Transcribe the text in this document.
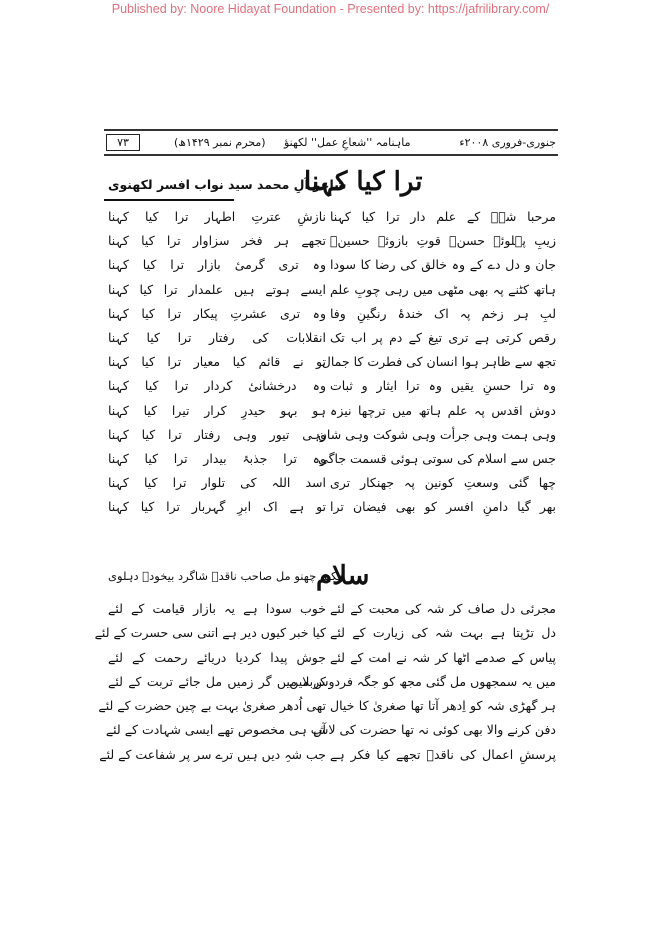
Published by: Noore Hidayat Foundation - Presented by: https://jafrilibrary.com/
جنوری-فروری ۲۰۰۸ء
ماہنامہ ''شعاعِ عمل'' لکھنؤ
(محرم نمبر ۱۴۲۹ھ)
۷۳
ترا کیا کہنا
شاعر آلِ محمد سید نواب افسر لکھنوی
مرحبا شہؑ کے علم دار ترا کیا کہنا
زیبِ پہلوئے حسنؑ قوتِ بازوئے حسینؑ
جان و دل دے کے وہ خالق کی رضا کا سودا
ہاتھ کٹنے پہ بھی مٹھی میں رہی چوبِ علم
لبِ ہر زخم پہ اک خندۂ رنگینِ وفا
رقص کرتی ہے تری تیغ کے دم پر اب تک
تجھ سے ظاہر ہوا انسان کی فطرت کا جمال
وہ ترا حسنِ یقیں وہ ترا ایثار و ثبات
دوش اقدس پہ علم ہاتھ میں ترچھا نیزہ
وہی ہمت وہی جرأت وہی شوکت وہی شان
جس سے اسلام کی سوتی ہوئی قسمت جاگی
چھا گئی وسعتِ کونین پہ جھنکار تری
بھر گیا دامنِ افسر کو بھی فیضان ترا
نازشِ عترتِ اطہار ترا کیا کہنا
تجھے ہر فخر سزاوار ترا کیا کہنا
وہ تری گرمیٔ بازار ترا کیا کہنا
ایسے ہوتے ہیں علمدار ترا کیا کہنا
وہ تری عشرتِ پیکار ترا کیا کہنا
انقلابات کی رفتار ترا کیا کہنا
تو نے قائم کیا معیار ترا کیا کہنا
وہ درخشانیٔ کردار ترا کیا کہنا
ہو بہو حیدرِ کرار تیرا کیا کہنا
وہی تیور وہی رفتار ترا کیا کہنا
وہ ترا جذبۂ بیدار ترا کیا کہنا
اسد اللہ کی تلوار ترا کیا کہنا
تو ہے اک ابرِ گہربار ترا کیا کہنا
سلام
حکیم چھنو مل صاحب ناقدؔ شاگرد بیخودؔ دہلوی
مجرئی دل صاف کر شہ کی محبت کے لئے
دل تڑپتا ہے بہت شہ کی زیارت کے لئے
پیاس کے صدمے اٹھا کر شہ نے امت کے لئے
میں یہ سمجھوں مل گئی مجھ کو جگہ فردوس میں
ہر گھڑی شہ کو اِدھر آتا تھا صغریٰ کا خیال
دفن کرنے والا بھی کوئی نہ تھا حضرت کی لاش
پرسشِ اعمال کی ناقدؔ تجھے کیا فکر ہے
خوب سودا ہے یہ بازار قیامت کے لئے
کیا خبر کیوں دیر ہے اتنی سی حسرت کے لئے
جوش پیدا کردیا دریائے رحمت کے لئے
کربلا میں گر زمیں مل جائے تربت کے لئے
تھی اُدھر صغریٰ بہت بے چین حضرت کے لئے
آپ ہی مخصوص تھے ایسی شہادت کے لئے
جب شہِ دیں ہیں ترے سر پر شفاعت کے لئے
